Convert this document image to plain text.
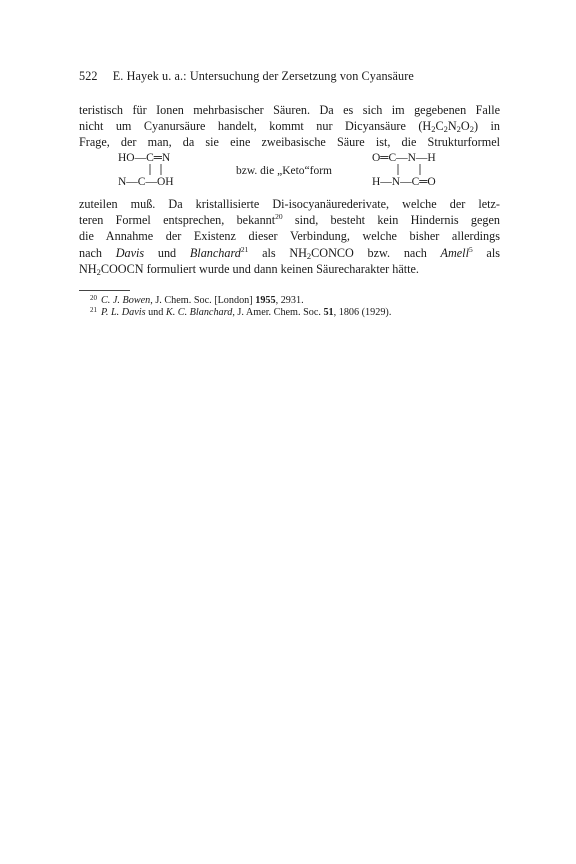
522 E. Hayek u. a.: Untersuchung der Zersetzung von Cyansäure
teristisch für Ionen mehrbasischer Säuren. Da es sich im gegebenen Falle
nicht um Cyanursäure handelt, kommt nur Dicyansäure $(H_2C_2N_2O_2)$ in
Frage, der man, da sie eine zweibasische Säure ist, die Strukturformel
HO—C═N
N—C—OH
bzw. die „Keto“form
O═C—N—H
H—N—C═O
zuteilen muß. Da kristallisierte Di-isocyanäurederivate, welche der letz-
teren Formel entsprechen, bekannt$^{20}$ sind, besteht kein Hindernis gegen
die Annahme der Existenz dieser Verbindung, welche bisher allerdings
nach Davis und Blanchard$^{21}$ als $NH_2CONCO$ bzw. nach Amell$^5$ als
$NH_2COOCN$ formuliert wurde und dann keinen Säurecharakter hätte.
$^{20}$ C. J. Bowen, J. Chem. Soc. [London] 1955, 2931.
$^{21}$ P. L. Davis und K. C. Blanchard, J. Amer. Chem. Soc. 51, 1806 (1929).
